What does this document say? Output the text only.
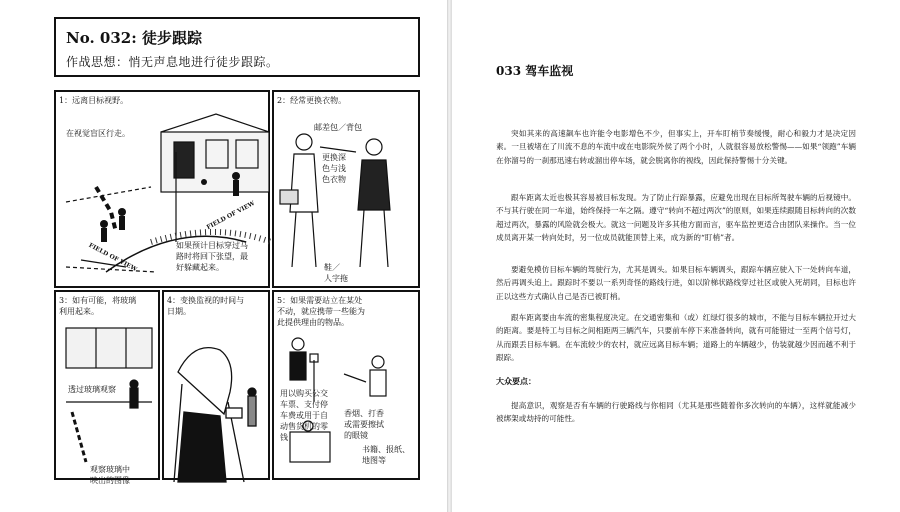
No. 032: 徒步跟踪
作战思想：悄无声息地进行徒步跟踪。
1：远离目标视野。
在视觉盲区行走。
如果预计目标穿过马
路时将回下张望，最
好躲藏起来。
FIELD OF VIEW
FIELD OF VIEW
2：经常更换衣物。
邮差包／背包
更换深
色与浅
色衣物
鞋／
人字拖
3：如有可能，将玻璃
利用起来。
透过玻璃观察
观察玻璃中
映出的图像
4：变换监视的时间与
日期。
5：如果需要站立在某处
不动，就应携带一些能为
此提供理由的物品。
用以购买公交
车票、支付停
车费或用于自
动售货机的零
钱
香烟、打香
或需要擦拭
的眼镜
书籍、报纸、
地图等
033 驾车监视

突如其来的高速飙车也许能令电影增色不少，但事实上，开车盯梢节奏缓慢，耐心和毅力才是决定因素。一旦被堵在了川流不息的车流中或在电影院外侯了两个小时，人就很容易放松警惕——如果“领跑”车辆在你溜号的一刹那迅速右转或溜出停车场，就会脱离你的视线，因此保持警惕十分关键。

跟车距离太近也极其容易被目标发现。为了防止行踪暴露，应避免出现在目标所驾驶车辆的后视镜中。不与其行驶在同一车道，始终保持一车之隔。遵守“转向不超过两次”的原则，如果连续跟随目标转向的次数超过两次，暴露的风险就会极大。就这一问题及许多其他方面而言，驱车监控更适合由团队来操作。当一位成员离开某一转向处时，另一位成员就能顶替上来，成为新的“盯梢”者。

要避免模仿目标车辆的驾驶行为，尤其是调头。如果目标车辆调头，跟踪车辆应驶入下一处转向车道，然后再调头追上。跟踪时不要以一系列奇怪的路线行进，如以阶梯状路线穿过社区或驶入死胡同，目标也许正以这些方式确认自己是否已被盯梢。

跟车距离要由车流的密集程度决定。在交通密集和（或）红绿灯很多的城市，不能与目标车辆拉开过大的距离。要是特工与目标之间相距两三辆汽车，只要前车停下来准备转向，就有可能错过一至两个信号灯，从而跟丢目标车辆。在车流较少的农村，就应远离目标车辆；道路上的车辆越少，伪装就越少因而越不利于跟踪。

大众要点：

提高意识，观察是否有车辆的行驶路线与你相同（尤其是那些随着你多次转向的车辆），这样就能减少被绑架或劫持的可能性。
